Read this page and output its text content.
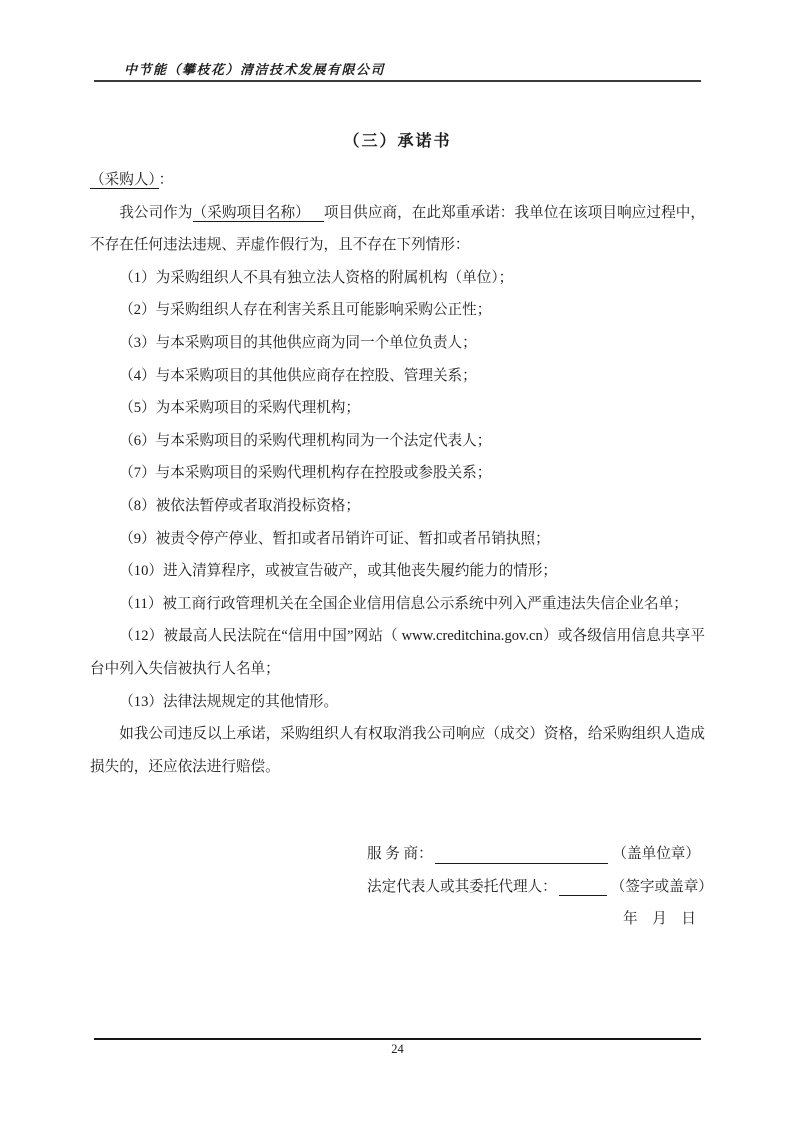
中节能（攀枝花）清洁技术发展有限公司
（三）承诺书

（采购人） ：

我公司作为（采购项目名称） 项目供应商，在此郑重承诺：我单位在该项目响应过程中，不存在任何违法违规、弄虚作假行为，且不存在下列情形：

（1）为采购组织人不具有独立法人资格的附属机构（单位）；

（2）与采购组织人存在利害关系且可能影响采购公正性；

（3）与本采购项目的其他供应商为同一个单位负责人；

（4）与本采购项目的其他供应商存在控股、管理关系；

（5）为本采购项目的采购代理机构；

（6）与本采购项目的采购代理机构同为一个法定代表人；

（7）与本采购项目的采购代理机构存在控股或参股关系；

（8）被依法暂停或者取消投标资格；

（9）被责令停产停业、暂扣或者吊销许可证、暂扣或者吊销执照；

（10）进入清算程序，或被宣告破产，或其他丧失履约能力的情形；

（11）被工商行政管理机关在全国企业信用信息公示系统中列入严重违法失信企业名单；

（12）被最高人民法院在“信用中国”网站（ www.creditchina.gov.cn）或各级信用信息共享平台中列入失信被执行人名单；

（13）法律法规规定的其他情形。

如我公司违反以上承诺，采购组织人有权取消我公司响应（成交）资格，给采购组织人造成损失的，还应依法进行赔偿。

服 务 商：	（盖单位章）
法定代表人或其委托代理人：	（签字或盖章）
年　月　日
24
